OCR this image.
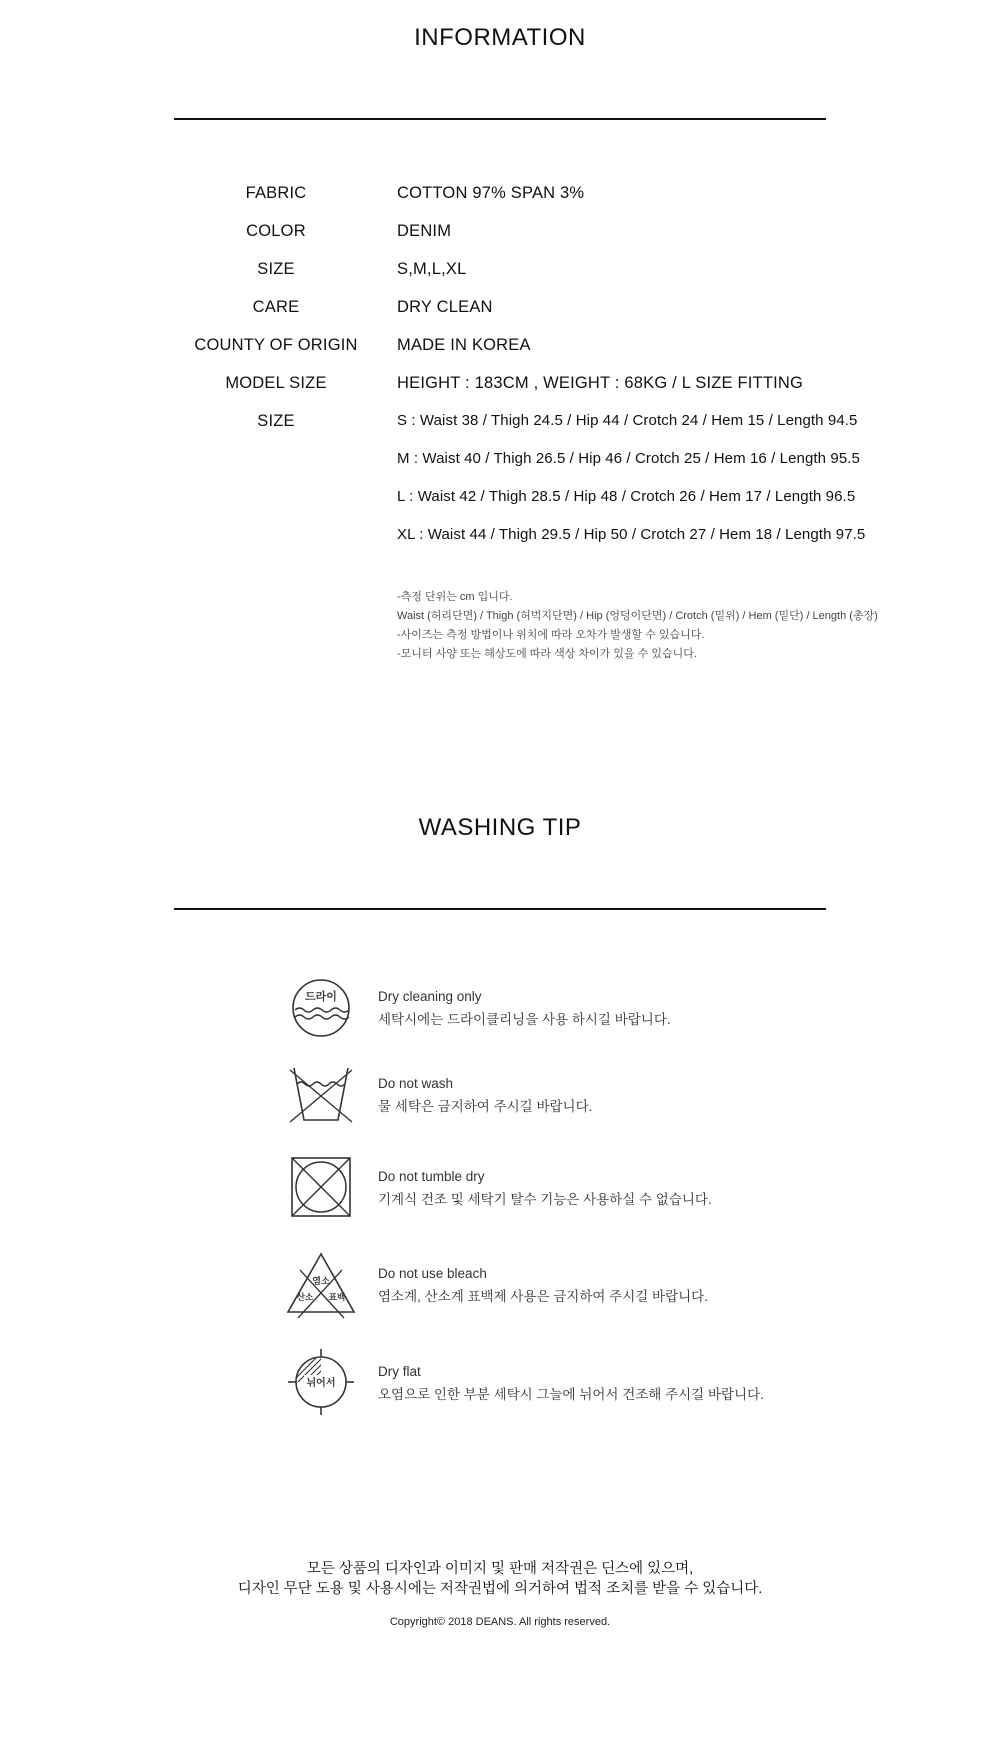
INFORMATION
FABRIC	COTTON 97% SPAN 3%
COLOR	DENIM
SIZE	S,M,L,XL
CARE	DRY CLEAN
COUNTY OF ORIGIN	MADE IN KOREA
MODEL SIZE	HEIGHT : 183CM , WEIGHT : 68KG / L SIZE FITTING
SIZE	S : Waist 38 / Thigh 24.5 / Hip 44 / Crotch 24 / Hem 15 / Length 94.5
M : Waist 40 / Thigh 26.5 / Hip 46 / Crotch 25 / Hem 16 / Length 95.5
L : Waist 42 / Thigh 28.5 / Hip 48 / Crotch 26 / Hem 17 / Length 96.5
XL : Waist 44 / Thigh 29.5 / Hip 50 / Crotch 27 / Hem 18 / Length 97.5
-측정 단위는 cm 입니다.
Waist (허리단면) / Thigh (허벅지단면) / Hip (엉덩이단면) / Crotch (밑위) / Hem (밑단) / Length (총장)
-사이즈는 측정 방법이나 위치에 따라 오차가 발생할 수 있습니다.
-모니터 사양 또는 해상도에 따라 색상 차이가 있을 수 있습니다.
WASHING TIP
드라이	Dry cleaning only
세탁시에는 드라이클리닝을 사용 하시길 바랍니다.
Do not wash
물 세탁은 금지하여 주시길 바랍니다.
Do not tumble dry
기계식 건조 및 세탁기 탈수 기능은 사용하실 수 없습니다.
염소
산소 표백
Do not use bleach
염소계, 산소계 표백제 사용은 금지하여 주시길 바랍니다.
뉘어서
Dry flat
오염으로 인한 부분 세탁시 그늘에 뉘어서 건조해 주시길 바랍니다.
모든 상품의 디자인과 이미지 및 판매 저작권은 딘스에 있으며,
디자인 무단 도용 및 사용시에는 저작권법에 의거하여 법적 조치를 받을 수 있습니다.
Copyright© 2018 DEANS. All rights reserved.
